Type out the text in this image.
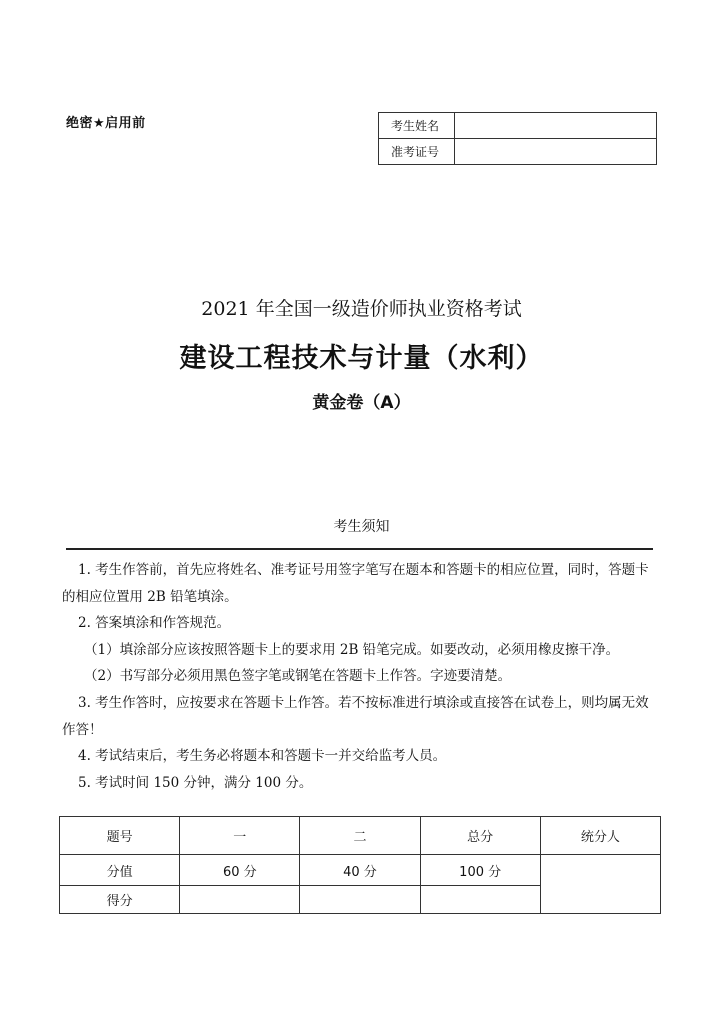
绝密★启用前	考生姓名	
准考证号	
2021 年全国一级造价师执业资格考试
建设工程技术与计量（水利）
黄金卷（A）
考生须知

1. 考生作答前，首先应将姓名、准考证号用签字笔写在题本和答题卡的相应位置，同时，答题卡的相应位置用 2B 铅笔填涂。

2. 答案填涂和作答规范。

（1）填涂部分应该按照答题卡上的要求用 2B 铅笔完成。如要改动，必须用橡皮擦干净。

（2）书写部分必须用黑色签字笔或钢笔在答题卡上作答。字迹要清楚。

3. 考生作答时，应按要求在答题卡上作答。若不按标准进行填涂或直接答在试卷上，则均属无效作答！

4. 考试结束后，考生务必将题本和答题卡一并交给监考人员。

5. 考试时间 150 分钟，满分 100 分。

题号	一	二	总分	统分人
分值	60 分	40 分	100 分	
得分				
